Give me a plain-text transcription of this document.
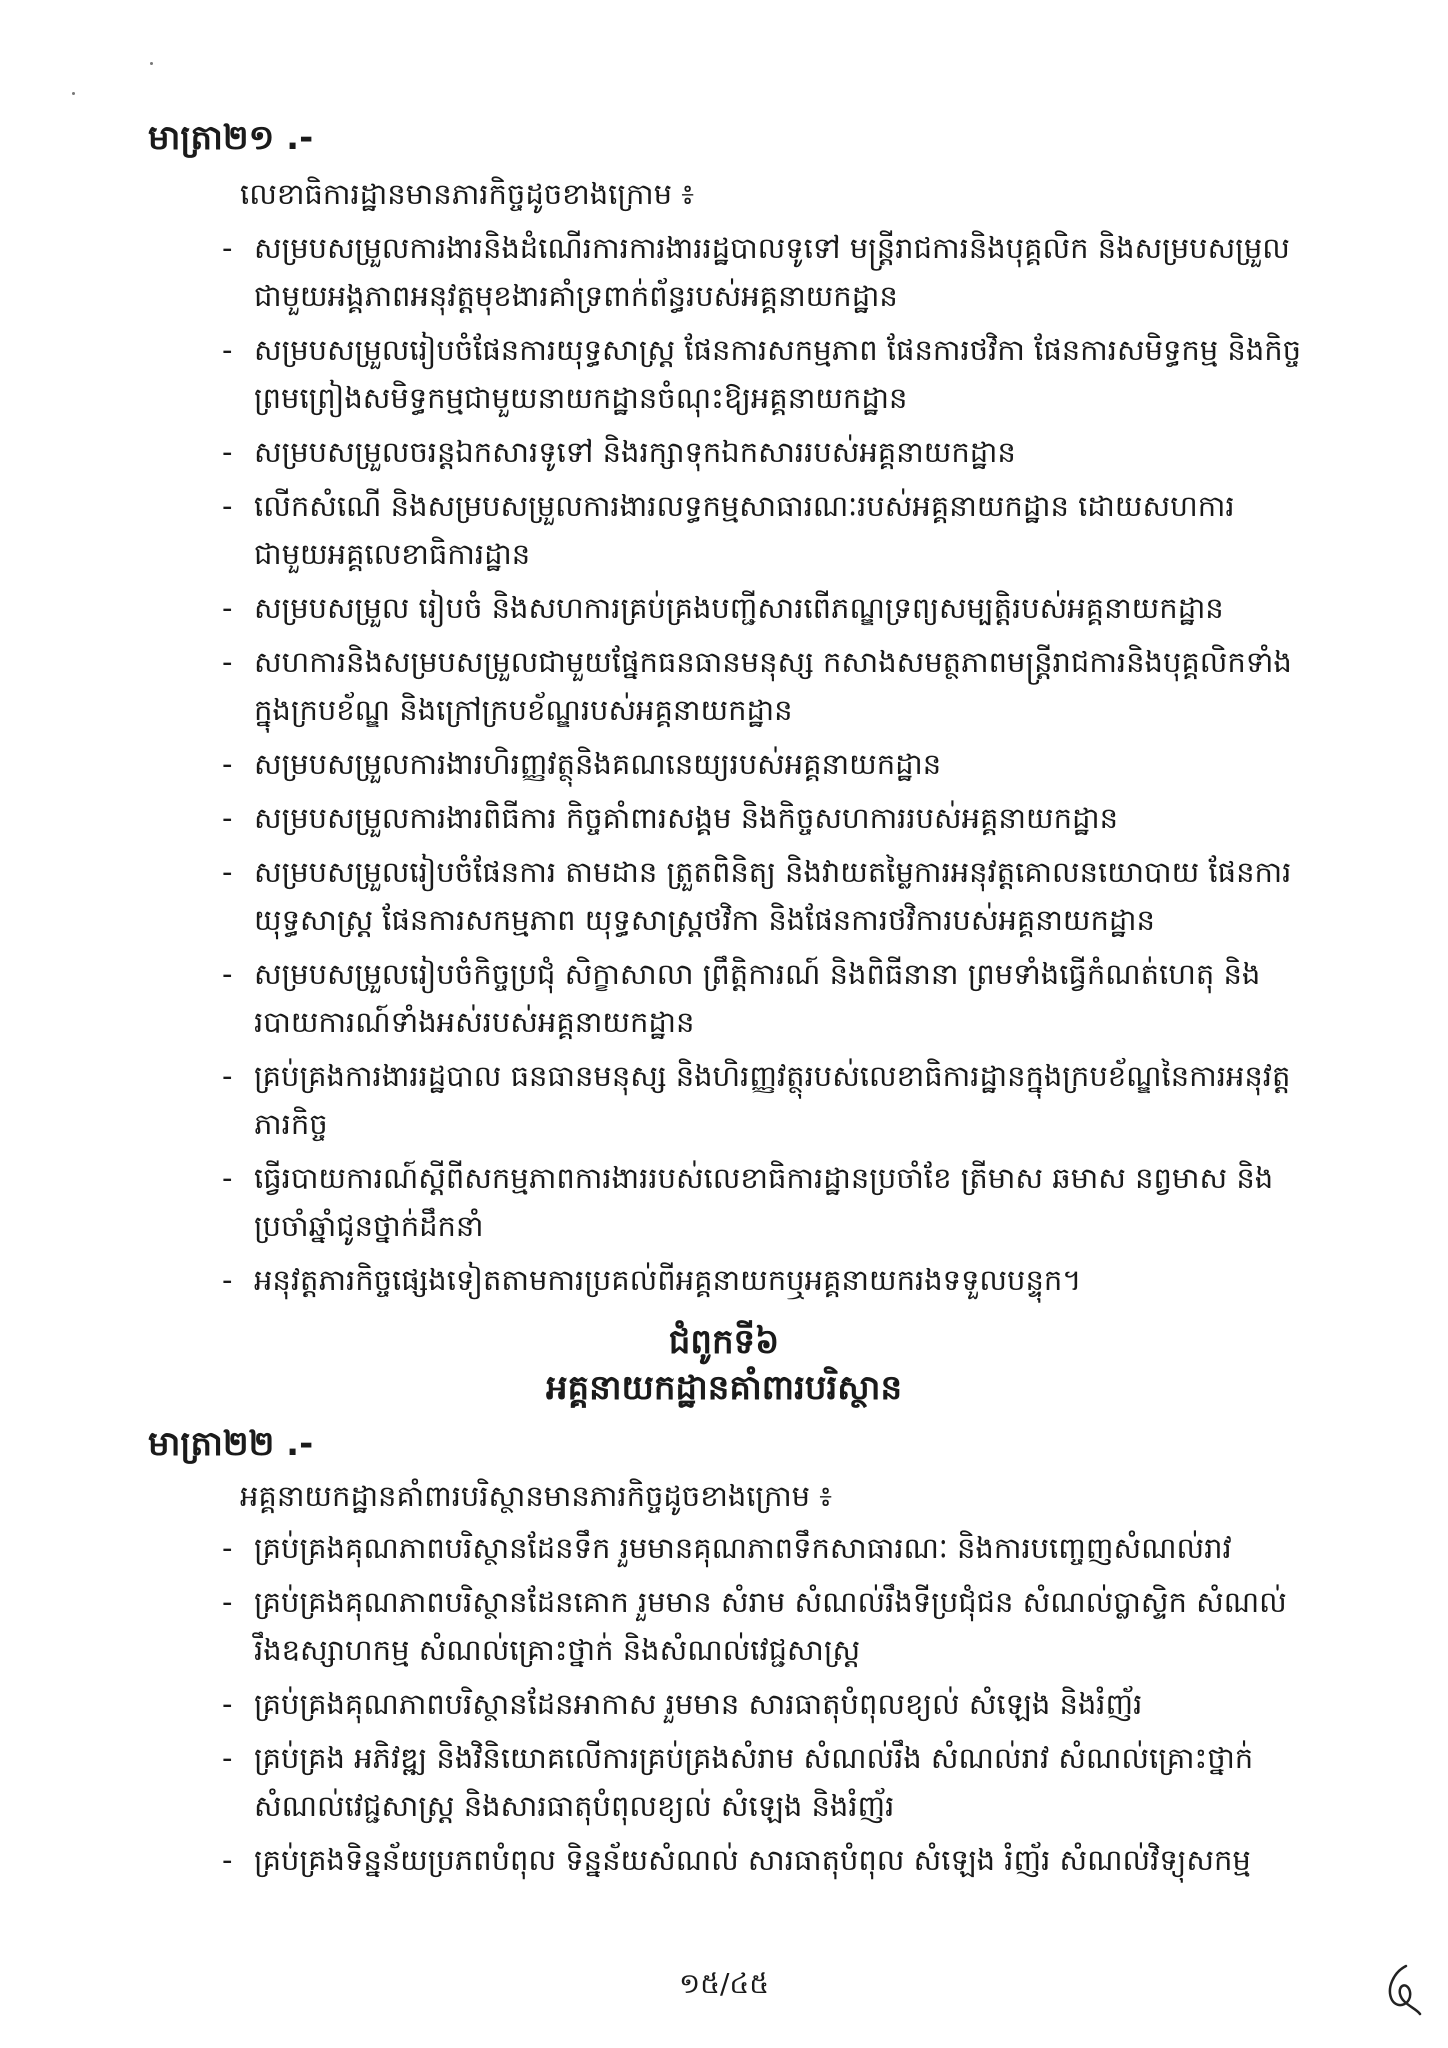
មាត្រា២១ .-

លេខាធិការដ្ឋានមានភារកិច្ចដូចខាងក្រោម ៖

- សម្របសម្រួលការងារនិងដំណើរការការងាររដ្ឋបាលទូទៅ មន្ត្រីរាជការនិងបុគ្គលិក និងសម្របសម្រួលជាមួយអង្គភាពអនុវត្តមុខងារគាំទ្រពាក់ព័ន្ធរបស់អគ្គនាយកដ្ឋាន
- សម្របសម្រួលរៀបចំផែនការយុទ្ធសាស្ត្រ ផែនការសកម្មភាព ផែនការថវិកា ផែនការសមិទ្ធកម្ម និងកិច្ចព្រមព្រៀងសមិទ្ធកម្មជាមួយនាយកដ្ឋានចំណុះឱ្យអគ្គនាយកដ្ឋាន
- សម្របសម្រួលចរន្តឯកសារទូទៅ និងរក្សាទុកឯកសាររបស់អគ្គនាយកដ្ឋាន
- លើកសំណើ និងសម្របសម្រួលការងារលទ្ធកម្មសាធារណៈរបស់អគ្គនាយកដ្ឋាន ដោយសហការជាមួយអគ្គលេខាធិការដ្ឋាន
- សម្របសម្រួល រៀបចំ និងសហការគ្រប់គ្រងបញ្ជីសារពើភណ្ឌទ្រព្យសម្បត្តិរបស់អគ្គនាយកដ្ឋាន
- សហការនិងសម្របសម្រួលជាមួយផ្នែកធនធានមនុស្ស កសាងសមត្ថភាពមន្ត្រីរាជការនិងបុគ្គលិកទាំងក្នុងក្របខ័ណ្ឌ និងក្រៅក្របខ័ណ្ឌរបស់អគ្គនាយកដ្ឋាន
- សម្របសម្រួលការងារហិរញ្ញវត្ថុនិងគណនេយ្យរបស់អគ្គនាយកដ្ឋាន
- សម្របសម្រួលការងារពិធីការ កិច្ចគាំពារសង្គម និងកិច្ចសហការរបស់អគ្គនាយកដ្ឋាន
- សម្របសម្រួលរៀបចំផែនការ តាមដាន ត្រួតពិនិត្យ និងវាយតម្លៃការអនុវត្តគោលនយោបាយ ផែនការយុទ្ធសាស្ត្រ ផែនការសកម្មភាព យុទ្ធសាស្ត្រថវិកា និងផែនការថវិការបស់អគ្គនាយកដ្ឋាន
- សម្របសម្រួលរៀបចំកិច្ចប្រជុំ សិក្ខាសាលា ព្រឹត្តិការណ៍ និងពិធីនានា ព្រមទាំងធ្វើកំណត់ហេតុ និងរបាយការណ៍ទាំងអស់របស់អគ្គនាយកដ្ឋាន
- គ្រប់គ្រងការងាររដ្ឋបាល ធនធានមនុស្ស និងហិរញ្ញវត្ថុរបស់លេខាធិការដ្ឋានក្នុងក្របខ័ណ្ឌនៃការអនុវត្តភារកិច្ច
- ធ្វើរបាយការណ៍ស្តីពីសកម្មភាពការងាររបស់លេខាធិការដ្ឋានប្រចាំខែ ត្រីមាស ឆមាស នព្វមាស និងប្រចាំឆ្នាំជូនថ្នាក់ដឹកនាំ
- អនុវត្តភារកិច្ចផ្សេងទៀតតាមការប្រគល់ពីអគ្គនាយកឬអគ្គនាយករងទទួលបន្ទុក។
ជំពូកទី៦
អគ្គនាយកដ្ឋានគាំពារបរិស្ថាន
មាត្រា២២ .-

អគ្គនាយកដ្ឋានគាំពារបរិស្ថានមានភារកិច្ចដូចខាងក្រោម ៖

- គ្រប់គ្រងគុណភាពបរិស្ថានដែនទឹក រួមមានគុណភាពទឹកសាធារណៈ និងការបញ្ចេញសំណល់រាវ
- គ្រប់គ្រងគុណភាពបរិស្ថានដែនគោក រួមមាន សំរាម សំណល់រឹងទីប្រជុំជន សំណល់ប្លាស្ទិក សំណល់រឹងឧស្សាហកម្ម សំណល់គ្រោះថ្នាក់ និងសំណល់វេជ្ជសាស្ត្រ
- គ្រប់គ្រងគុណភាពបរិស្ថានដែនអាកាស រួមមាន សារធាតុបំពុលខ្យល់ សំឡេង និងរំញ័រ
- គ្រប់គ្រង អភិវឌ្ឍ និងវិនិយោគលើការគ្រប់គ្រងសំរាម សំណល់រឹង សំណល់រាវ សំណល់គ្រោះថ្នាក់ សំណល់វេជ្ជសាស្ត្រ និងសារធាតុបំពុលខ្យល់ សំឡេង និងរំញ័រ
- គ្រប់គ្រងទិន្នន័យប្រភពបំពុល ទិន្នន័យសំណល់ សារធាតុបំពុល សំឡេង រំញ័រ សំណល់វិទ្យុសកម្ម
១៥/៤៥
